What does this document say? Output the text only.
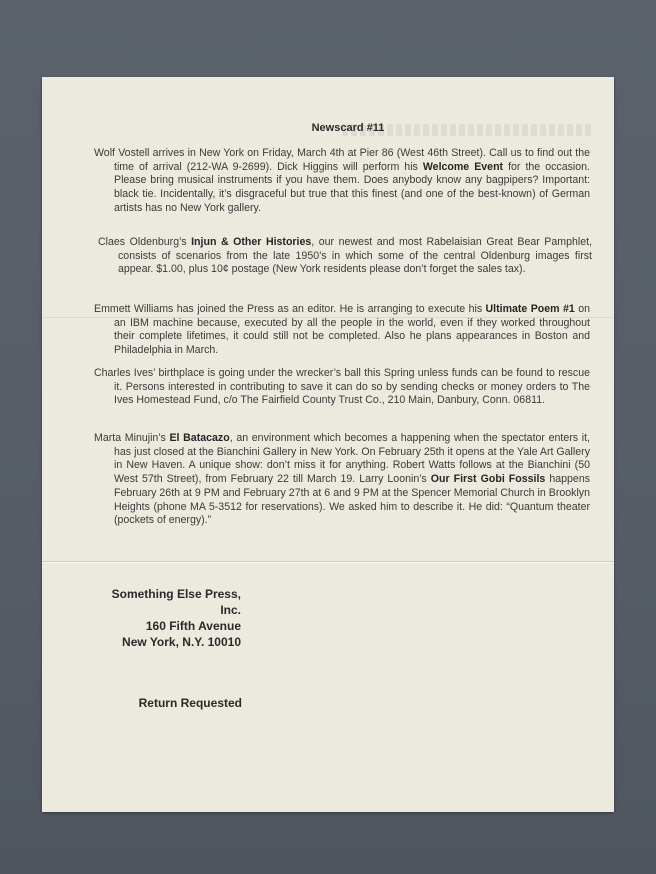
Newscard #11
Wolf Vostell arrives in New York on Friday, March 4th at Pier 86 (West 46th Street). Call us to find out the time of arrival (212-WA 9-2699). Dick Higgins will perform his Welcome Event for the occasion. Please bring musical instruments if you have them. Does anybody know any bagpipers? Important: black tie. Incidentally, it’s disgraceful but true that this finest (and one of the best-known) of German artists has no New York gallery.
Claes Oldenburg’s Injun & Other Histories, our newest and most Rabelaisian Great Bear Pamphlet, consists of scenarios from the late 1950’s in which some of the central Oldenburg images first appear. $1.00, plus 10¢ postage (New York residents please don’t forget the sales tax).
Emmett Williams has joined the Press as an editor. He is arranging to execute his Ultimate Poem #1 on an IBM machine because, executed by all the people in the world, even if they worked throughout their complete lifetimes, it could still not be completed. Also he plans appearances in Boston and Philadelphia in March.
Charles Ives’ birthplace is going under the wrecker’s ball this Spring unless funds can be found to rescue it. Persons interested in contributing to save it can do so by sending checks or money orders to The Ives Homestead Fund, c/o The Fairfield County Trust Co., 210 Main, Danbury, Conn. 06811.
Marta Minujin’s El Batacazo, an environment which becomes a happening when the spectator enters it, has just closed at the Bianchini Gallery in New York. On February 25th it opens at the Yale Art Gallery in New Haven. A unique show: don’t miss it for anything. Robert Watts follows at the Bianchini (50 West 57th Street), from February 22 till March 19. Larry Loonin’s Our First Gobi Fossils happens February 26th at 9 PM and February 27th at 6 and 9 PM at the Spencer Memorial Church in Brooklyn Heights (phone MA 5-3512 for reservations). We asked him to describe it. He did: “Quantum theater (pockets of energy).”
Something Else Press, Inc.
160 Fifth Avenue
New York, N.Y. 10010
Return Requested
